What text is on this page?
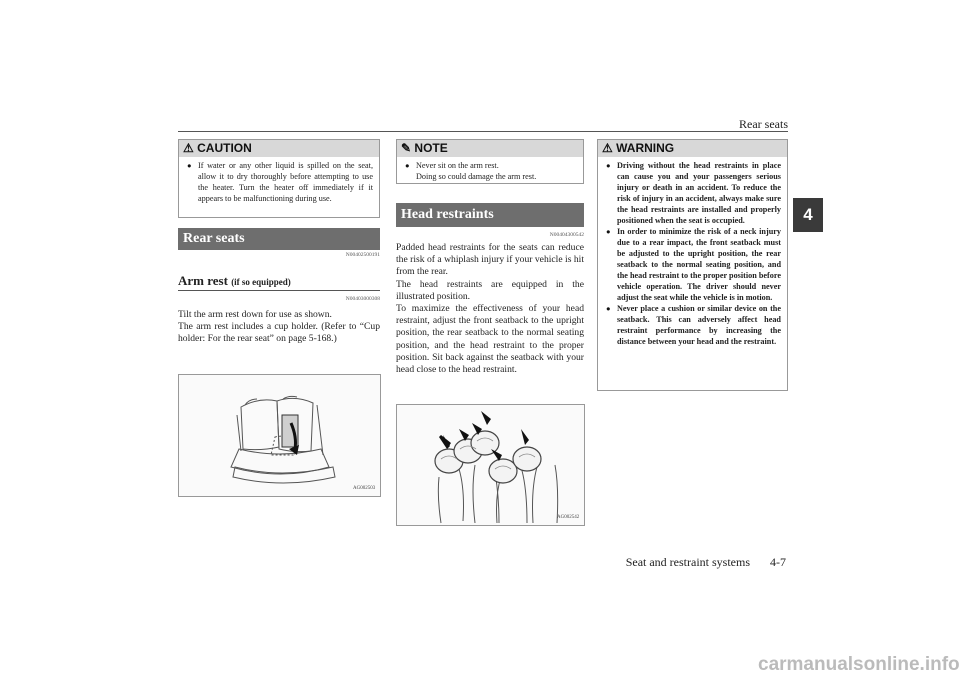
Rear seats
4
⚠ CAUTION
● If water or any other liquid is spilled on the seat, allow it to dry thoroughly before attempting to use the heater. Turn the heater off immediately if it appears to be malfunctioning during use.
Rear seats
N00402500191
Arm rest (if so equipped)
N00403000308
Tilt the arm rest down for use as shown.
The arm rest includes a cup holder. (Refer to “Cup holder: For the rear seat” on page 5-168.)
AG002503
✎ NOTE
● Never sit on the arm rest.
Doing so could damage the arm rest.
Head restraints
N00404300542
Padded head restraints for the seats can reduce the risk of a whiplash injury if your vehicle is hit from the rear.
The head restraints are equipped in the illustrated position.
To maximize the effectiveness of your head restraint, adjust the front seatback to the upright position, the rear seatback to the normal seating position, and the head restraint to the proper position. Sit back against the seatback with your head close to the head restraint.
AG002542
⚠ WARNING
● Driving without the head restraints in place can cause you and your passengers serious injury or death in an accident. To reduce the risk of injury in an accident, always make sure the head restraints are installed and properly positioned when the seat is occupied.
● In order to minimize the risk of a neck injury due to a rear impact, the front seatback must be adjusted to the upright position, the rear seatback to the normal seating position, and the head restraint to the proper position before vehicle operation. The driver should never adjust the seat while the vehicle is in motion.
● Never place a cushion or similar device on the seatback. This can adversely affect head restraint performance by increasing the distance between your head and the restraint.
Seat and restraint systems 4-7
carmanualsonline.info
